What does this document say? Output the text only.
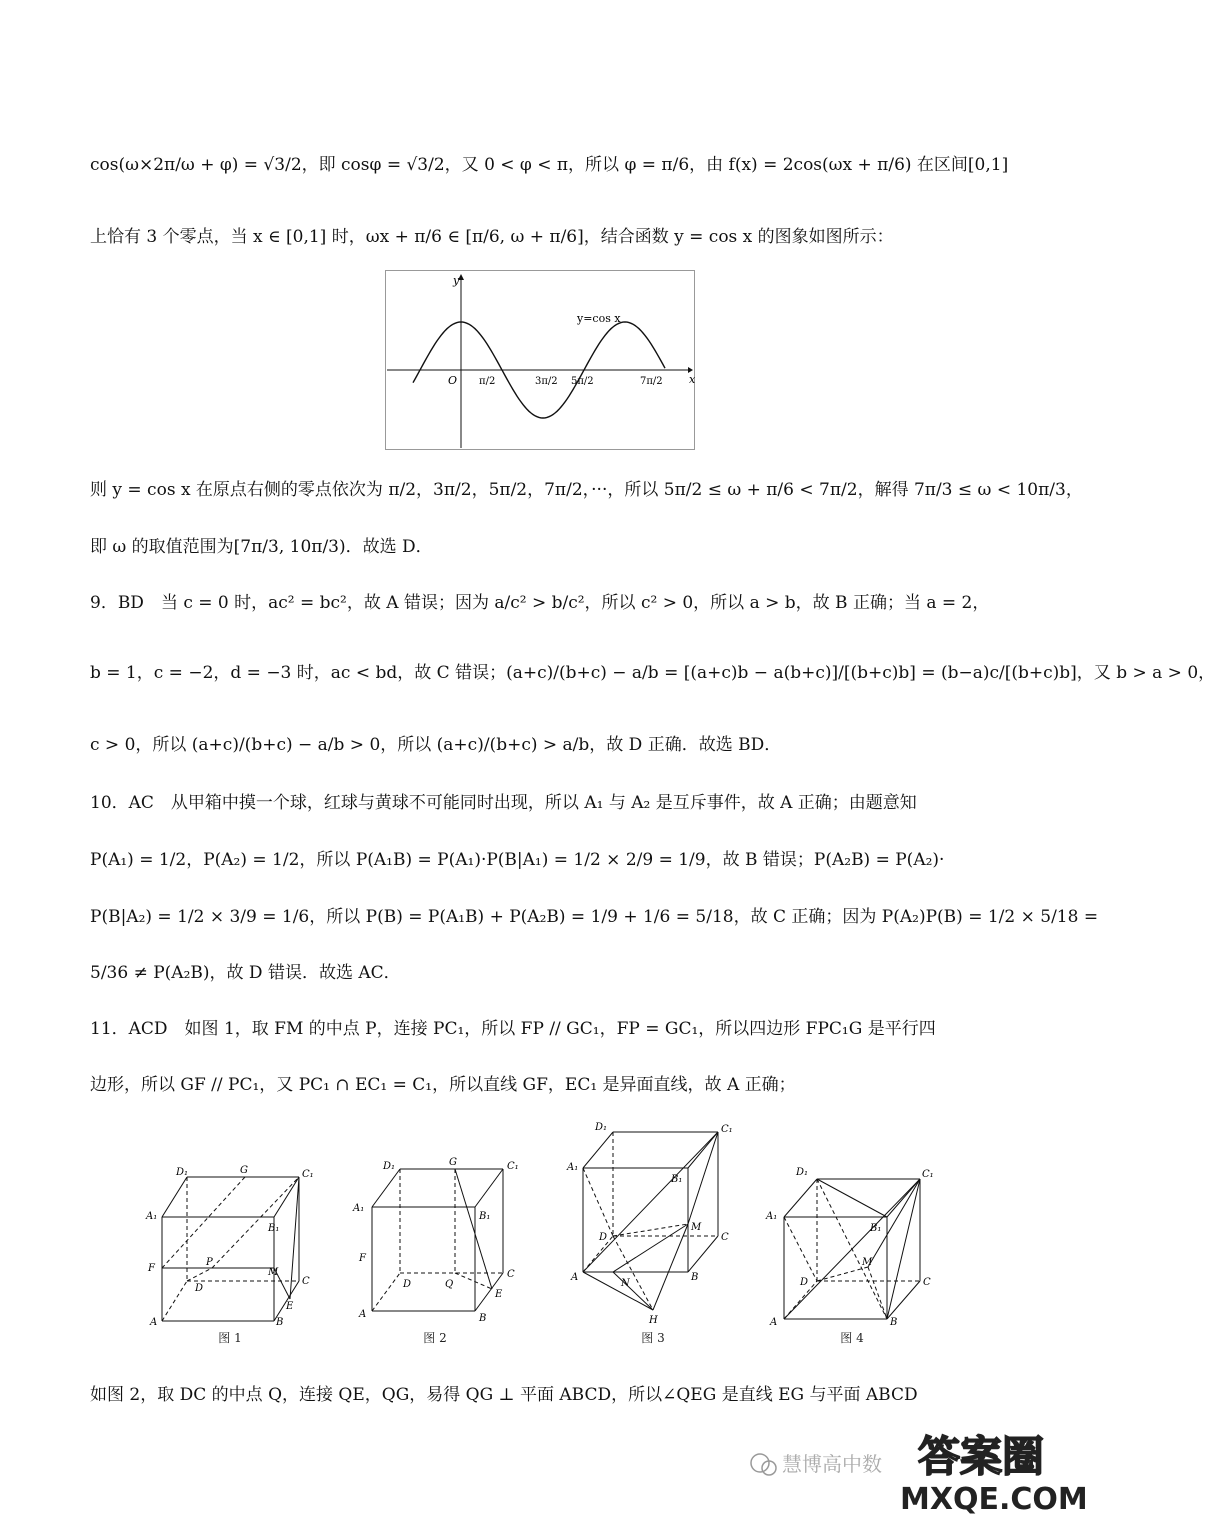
cos(ω×2π/ω + φ) = √3/2，即 cosφ = √3/2，又 0 < φ < π，所以 φ = π/6，由 f(x) = 2cos(ωx + π/6) 在区间[0,1]
上恰有 3 个零点，当 x ∈ [0,1] 时，ωx + π/6 ∈ [π/6, ω + π/6]，结合函数 y = cos x 的图象如图所示：
y
x
O
y=cos x
π/2	3π/2 5π/2	7π/2
则 y = cos x 在原点右侧的零点依次为 π/2，3π/2，5π/2，7π/2，···，所以 5π/2 ≤ ω + π/6 < 7π/2，解得 7π/3 ≤ ω < 10π/3，
即 ω 的取值范围为[7π/3, 10π/3)．故选 D．
9．BD　当 c = 0 时，ac² = bc²，故 A 错误；因为 a/c² > b/c²，所以 c² > 0，所以 a > b，故 B 正确；当 a = 2，
b = 1，c = −2，d = −3 时，ac < bd，故 C 错误；(a+c)/(b+c) − a/b = [(a+c)b − a(b+c)]/[(b+c)b] = (b−a)c/[(b+c)b]，又 b > a > 0，
c > 0，所以 (a+c)/(b+c) − a/b > 0，所以 (a+c)/(b+c) > a/b，故 D 正确．故选 BD．
10．AC　从甲箱中摸一个球，红球与黄球不可能同时出现，所以 A₁ 与 A₂ 是互斥事件，故 A 正确；由题意知
P(A₁) = 1/2，P(A₂) = 1/2，所以 P(A₁B) = P(A₁)·P(B|A₁) = 1/2 × 2/9 = 1/9，故 B 错误；P(A₂B) = P(A₂)·
P(B|A₂) = 1/2 × 3/9 = 1/6，所以 P(B) = P(A₁B) + P(A₂B) = 1/9 + 1/6 = 5/18，故 C 正确；因为 P(A₂)P(B) = 1/2 × 5/18 =
5/36 ≠ P(A₂B)，故 D 错误．故选 AC．
11．ACD　如图 1，取 FM 的中点 P，连接 PC₁，所以 FP // GC₁，FP = GC₁，所以四边形 FPC₁G 是平行四
边形，所以 GF // PC₁，又 PC₁ ∩ EC₁ = C₁，所以直线 GF，EC₁ 是异面直线，故 A 正确；
D₁	G	C₁
A₁
B₁
F
P
M
D
C
E
A	B
图 1
D₁	G	C₁
A₁
B₁
F
D	Q
C
E
A	B
图 2
D₁	C₁
A₁
B₁
D
M
C
A
N
B
H
图 3
D₁	C₁
A₁
B₁
D
M
C
A	B
图 4
如图 2，取 DC 的中点 Q，连接 QE，QG，易得 QG ⊥ 平面 ABCD，所以∠QEG 是直线 EG 与平面 ABCD
慧博高中数 答案圈
MXQE.COM
